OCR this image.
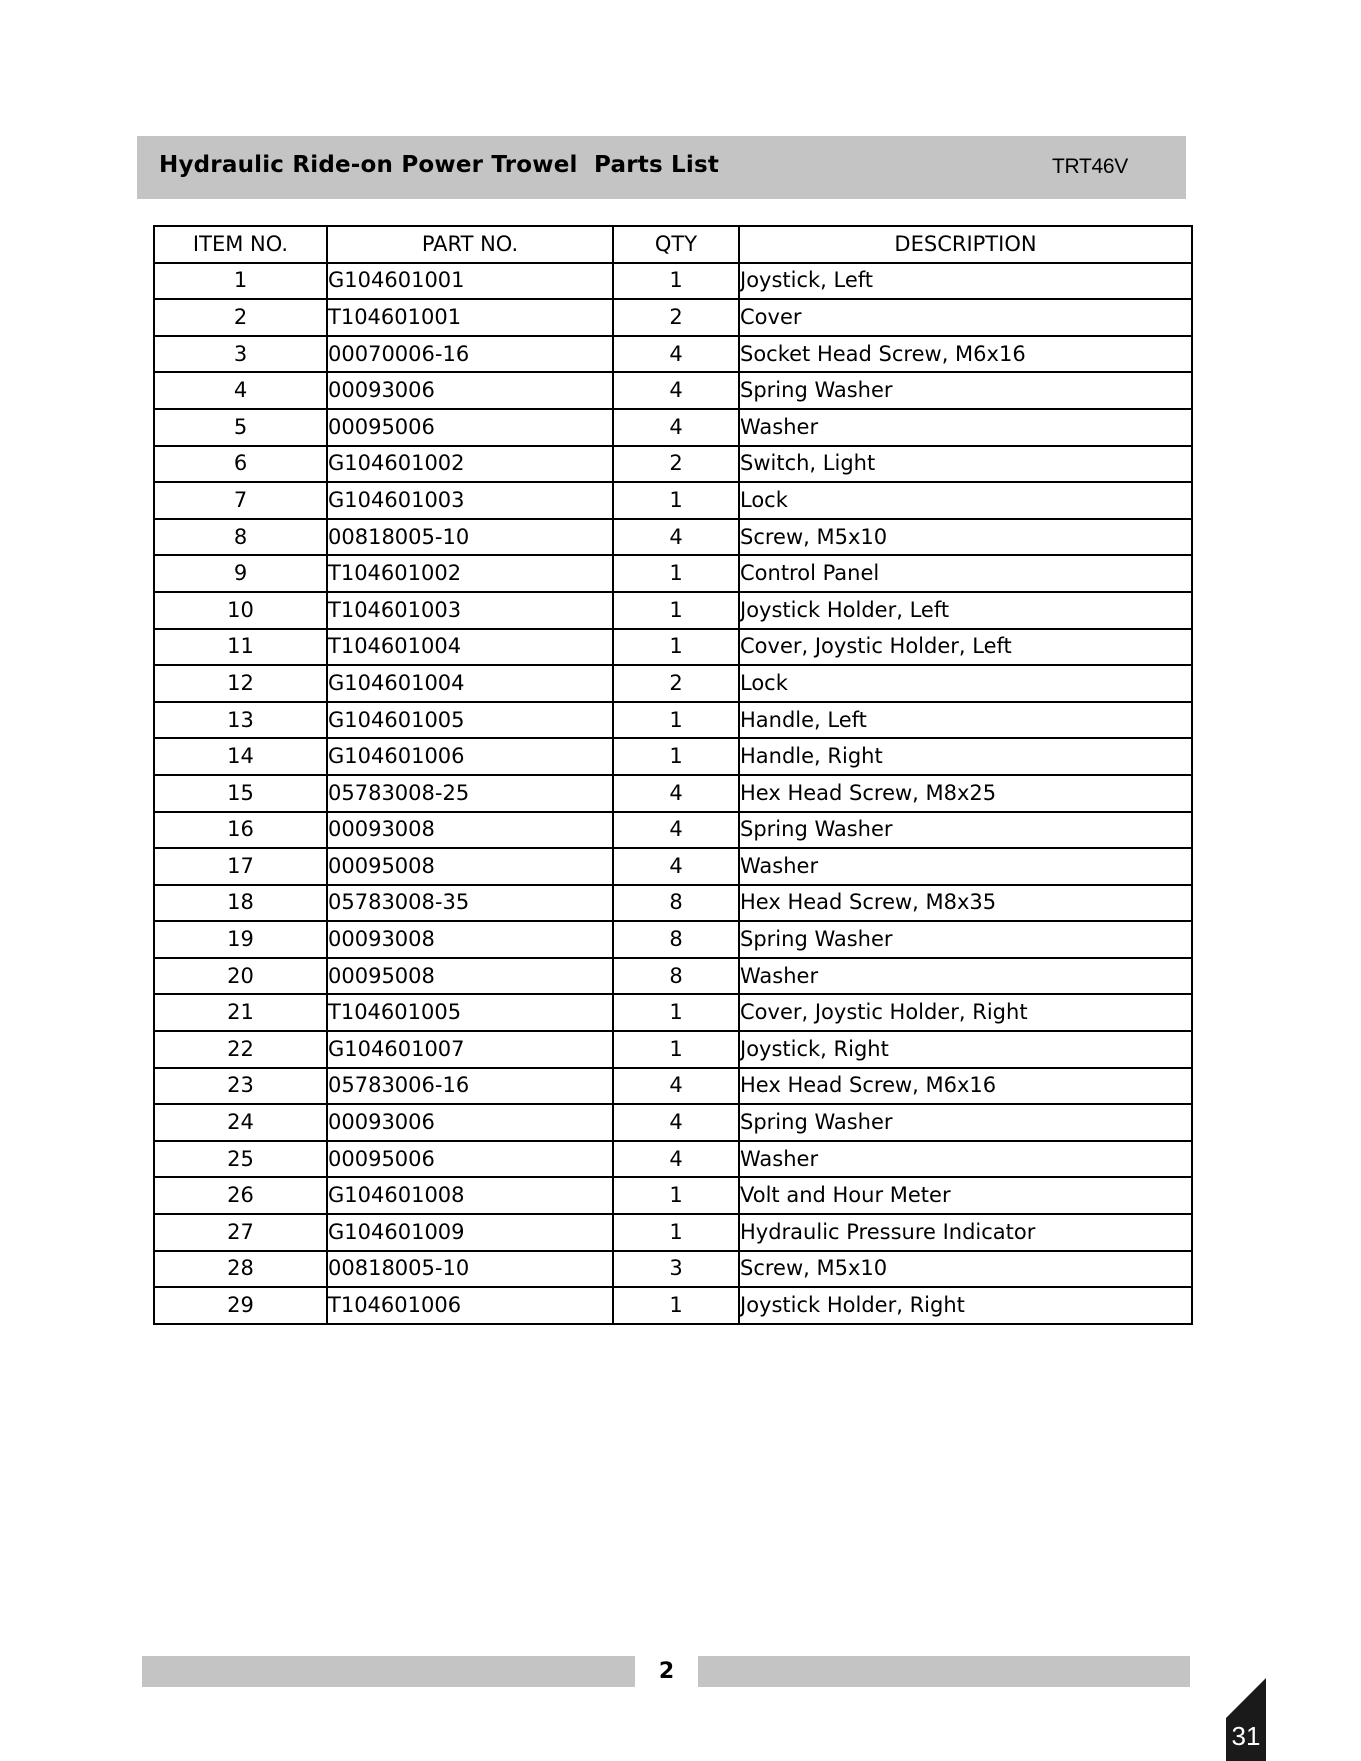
Hydraulic Ride-on Power Trowel  Parts List	TRT46V
ITEM NO.	PART NO.	QTY	DESCRIPTION
1	G104601001	1	Joystick, Left
2	T104601001	2	Cover
3	00070006-16	4	Socket Head Screw, M6x16
4	00093006	4	Spring Washer
5	00095006	4	Washer
6	G104601002	2	Switch, Light
7	G104601003	1	Lock
8	00818005-10	4	Screw, M5x10
9	T104601002	1	Control Panel
10	T104601003	1	Joystick Holder, Left
11	T104601004	1	Cover, Joystic Holder, Left
12	G104601004	2	Lock
13	G104601005	1	Handle, Left
14	G104601006	1	Handle, Right
15	05783008-25	4	Hex Head Screw, M8x25
16	00093008	4	Spring Washer
17	00095008	4	Washer
18	05783008-35	8	Hex Head Screw, M8x35
19	00093008	8	Spring Washer
20	00095008	8	Washer
21	T104601005	1	Cover, Joystic Holder, Right
22	G104601007	1	Joystick, Right
23	05783006-16	4	Hex Head Screw, M6x16
24	00093006	4	Spring Washer
25	00095006	4	Washer
26	G104601008	1	Volt and Hour Meter
27	G104601009	1	Hydraulic Pressure Indicator
28	00818005-10	3	Screw, M5x10
29	T104601006	1	Joystick Holder, Right
2
31
